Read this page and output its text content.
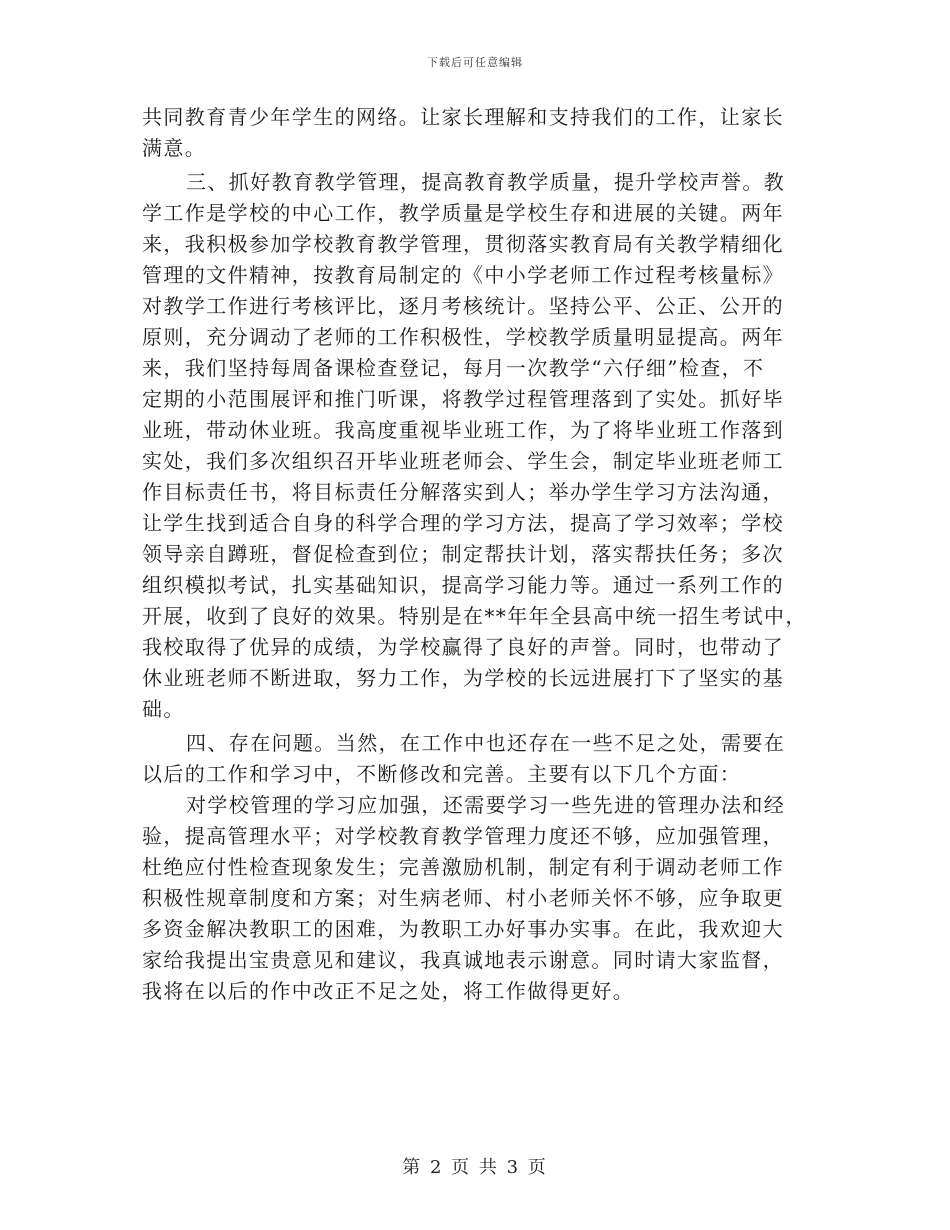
下载后可任意编辑
共同教育青少年学生的网络。让家长理解和支持我们的工作，让家长
满意。
三、抓好教育教学管理，提高教育教学质量，提升学校声誉。教
学工作是学校的中心工作，教学质量是学校生存和进展的关键。两年
来，我积极参加学校教育教学管理，贯彻落实教育局有关教学精细化
管理的文件精神，按教育局制定的《中小学老师工作过程考核量标》
对教学工作进行考核评比，逐月考核统计。坚持公平、公正、公开的
原则，充分调动了老师的工作积极性，学校教学质量明显提高。两年
来，我们坚持每周备课检查登记，每月一次教学“六仔细”检查，不
定期的小范围展评和推门听课，将教学过程管理落到了实处。抓好毕
业班，带动休业班。我高度重视毕业班工作，为了将毕业班工作落到
实处，我们多次组织召开毕业班老师会、学生会，制定毕业班老师工
作目标责任书，将目标责任分解落实到人；举办学生学习方法沟通，
让学生找到适合自身的科学合理的学习方法，提高了学习效率；学校
领导亲自蹲班，督促检查到位；制定帮扶计划，落实帮扶任务；多次
组织模拟考试，扎实基础知识，提高学习能力等。通过一系列工作的
开展，收到了良好的效果。特别是在**年年全县高中统一招生考试中，
我校取得了优异的成绩，为学校赢得了良好的声誉。同时，也带动了
休业班老师不断进取，努力工作，为学校的长远进展打下了坚实的基
础。
四、存在问题。当然，在工作中也还存在一些不足之处，需要在
以后的工作和学习中，不断修改和完善。主要有以下几个方面：
对学校管理的学习应加强，还需要学习一些先进的管理办法和经
验，提高管理水平；对学校教育教学管理力度还不够，应加强管理，
杜绝应付性检查现象发生；完善激励机制，制定有利于调动老师工作
积极性规章制度和方案；对生病老师、村小老师关怀不够，应争取更
多资金解决教职工的困难，为教职工办好事办实事。在此，我欢迎大
家给我提出宝贵意见和建议，我真诚地表示谢意。同时请大家监督，
我将在以后的作中改正不足之处，将工作做得更好。
第 2 页 共 3 页
